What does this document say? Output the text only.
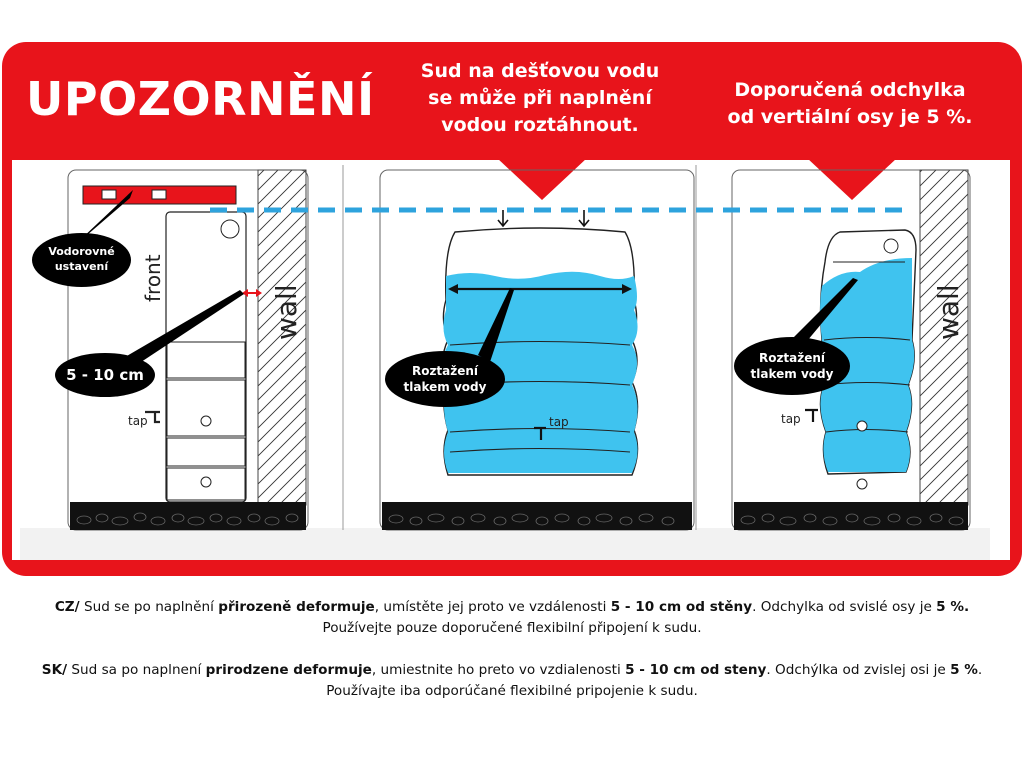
front
wall
tap	tap
wall
tap
UPOZORNĚNÍ
Sud na dešťovou vodu
se může při naplnění
vodou roztáhnout.
Doporučená odchylka
od vertiální osy je 5 %.
Vodorovné
ustavení
5 - 10 cm	Roztažení
tlakem vody
Roztažení
tlakem vody
CZ/ Sud se po naplnění přirozeně deformuje, umístěte jej proto ve vzdálenosti 5 - 10 cm od stěny. Odchylka od svislé osy je 5 %.
Používejte pouze doporučené flexibilní připojení k sudu.
SK/ Sud sa po naplnení prirodzene deformuje, umiestnite ho preto vo vzdialenosti 5 - 10 cm od steny. Odchýlka od zvislej osi je 5 %.
Používajte iba odporúčané flexibilné pripojenie k sudu.
